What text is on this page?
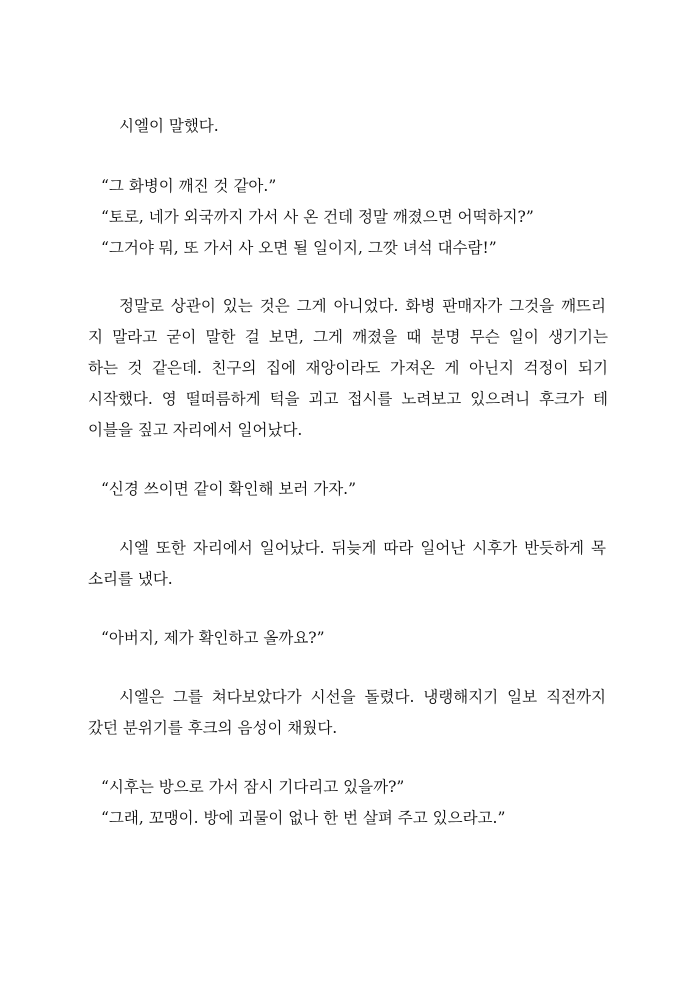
시엘이 말했다.

“그 화병이 깨진 것 같아.”

“토로, 네가 외국까지 가서 사 온 건데 정말 깨졌으면 어떡하지?”

“그거야 뭐, 또 가서 사 오면 될 일이지, 그깟 녀석 대수람!”

정말로 상관이 있는 것은 그게 아니었다. 화병 판매자가 그것을 깨뜨리

지 말라고 굳이 말한 걸 보면, 그게 깨졌을 때 분명 무슨 일이 생기기는

하는 것 같은데. 친구의 집에 재앙이라도 가져온 게 아닌지 걱정이 되기

시작했다. 영 떨떠름하게 턱을 괴고 접시를 노려보고 있으려니 후크가 테

이블을 짚고 자리에서 일어났다.

“신경 쓰이면 같이 확인해 보러 가자.”

시엘 또한 자리에서 일어났다. 뒤늦게 따라 일어난 시후가 반듯하게 목

소리를 냈다.

“아버지, 제가 확인하고 올까요?”

시엘은 그를 쳐다보았다가 시선을 돌렸다. 냉랭해지기 일보 직전까지

갔던 분위기를 후크의 음성이 채웠다.

“시후는 방으로 가서 잠시 기다리고 있을까?”

“그래, 꼬맹이. 방에 괴물이 없나 한 번 살펴 주고 있으라고.”
